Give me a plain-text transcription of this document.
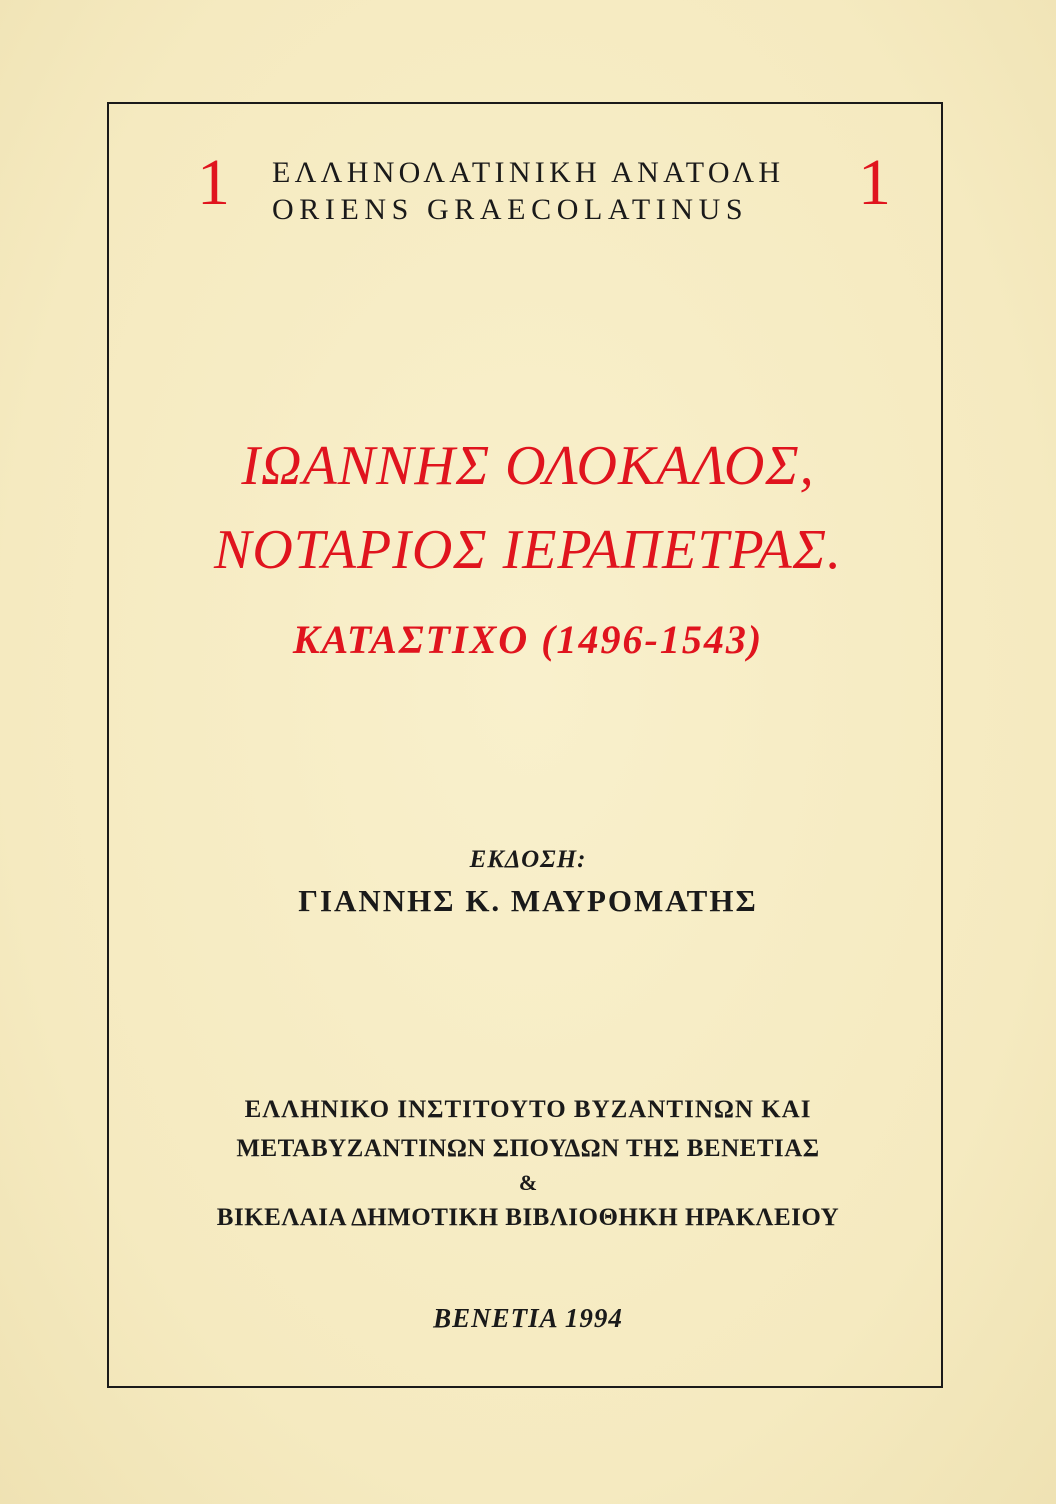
1 ΕΛΛΗΝΟΛΑΤΙΝΙΚΗ ΑΝΑΤΟΛΗ
ORIENS GRAECOLATINUS	1
ΙΩΑΝΝΗΣ ΟΛΟΚΑΛΟΣ,
ΝΟΤΑΡΙΟΣ ΙΕΡΑΠΕΤΡΑΣ.
ΚΑΤΑΣΤΙΧΟ (1496-1543)
ΕΚΔΟΣΗ:
ΓΙΑΝΝΗΣ Κ. ΜΑΥΡΟΜΑΤΗΣ
ΕΛΛΗΝΙΚΟ ΙΝΣΤΙΤΟΥΤΟ ΒΥΖΑΝΤΙΝΩΝ ΚΑΙ
ΜΕΤΑΒΥΖΑΝΤΙΝΩΝ ΣΠΟΥΔΩΝ ΤΗΣ ΒΕΝΕΤΙΑΣ
&
ΒΙΚΕΛΑΙΑ ΔΗΜΟΤΙΚΗ ΒΙΒΛΙΟΘΗΚΗ ΗΡΑΚΛΕΙΟΥ
ΒΕΝΕΤΙΑ 1994
